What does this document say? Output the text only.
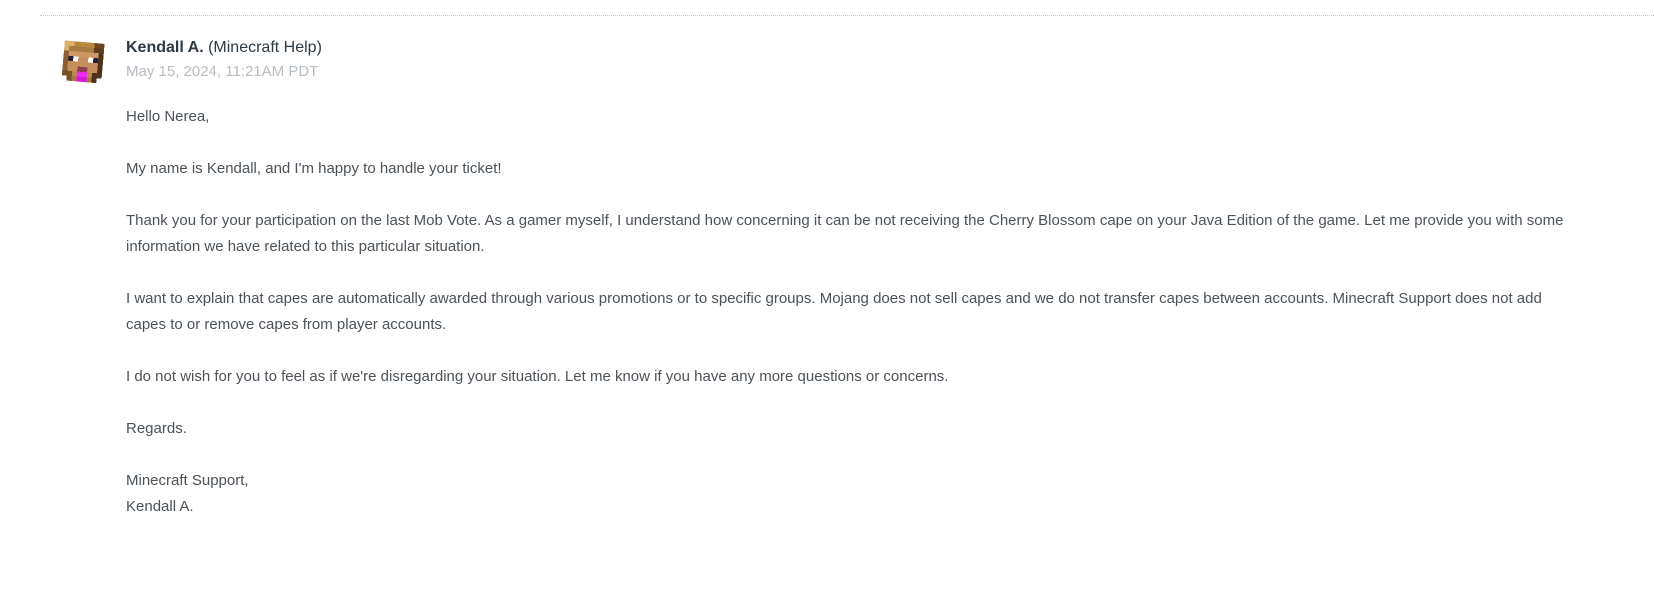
Kendall A. (Minecraft Help)
May 15, 2024, 11:21AM PDT

Hello Nerea,

My name is Kendall, and I'm happy to handle your ticket!

Thank you for your participation on the last Mob Vote. As a gamer myself, I understand how concerning it can be not receiving the Cherry Blossom cape on your Java Edition of the game. Let me provide you with some information we have related to this particular situation.

I want to explain that capes are automatically awarded through various promotions or to specific groups. Mojang does not sell capes and we do not transfer capes between accounts. Minecraft Support does not add capes to or remove capes from player accounts.

I do not wish for you to feel as if we're disregarding your situation. Let me know if you have any more questions or concerns.

Regards.

Minecraft Support,
Kendall A.
